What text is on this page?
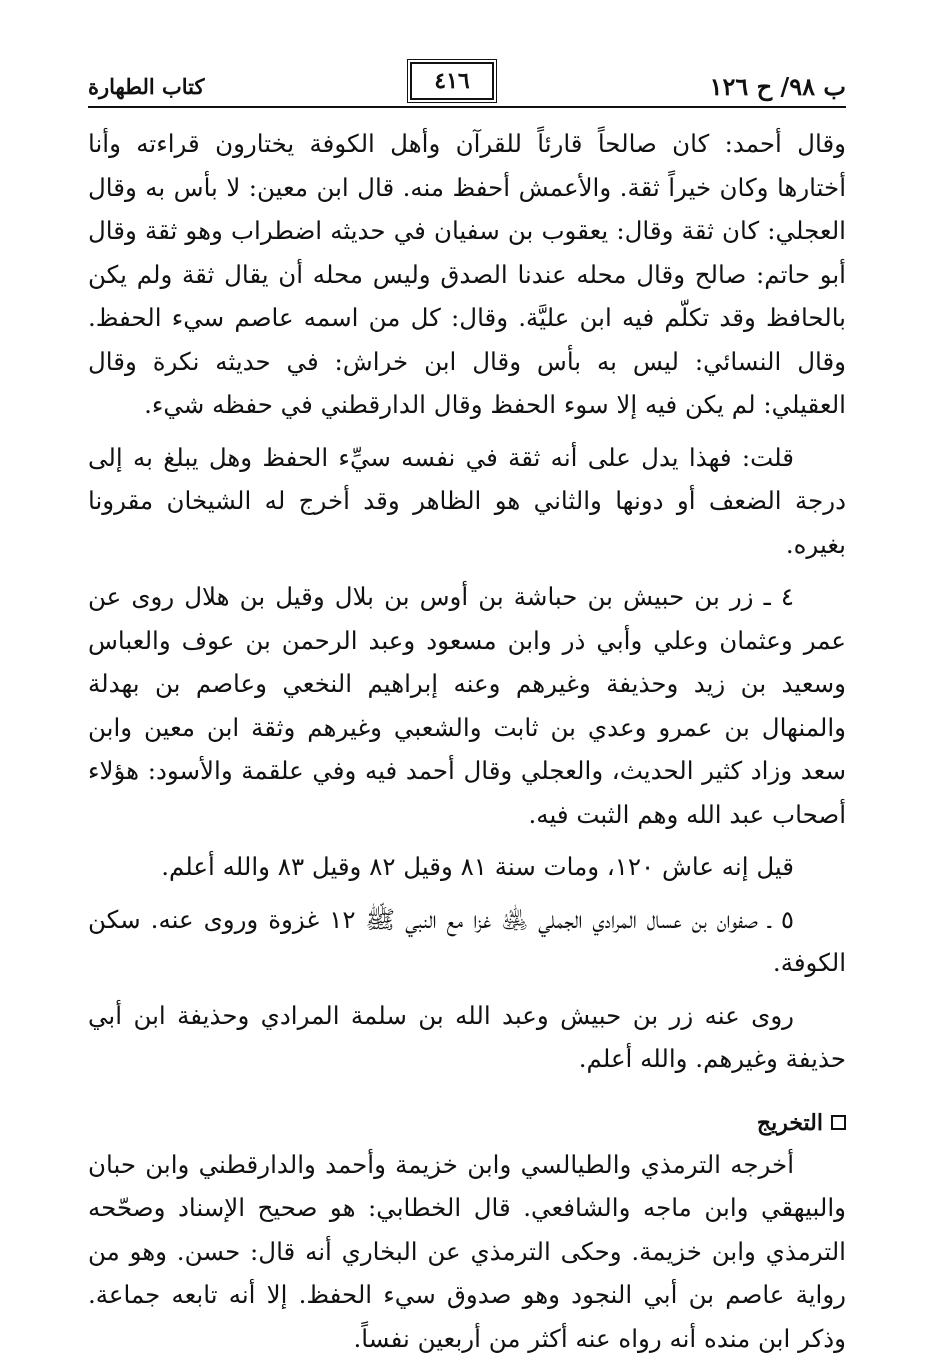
ب ٩٨/ ح ١٢٦
٤١٦
كتاب الطهارة

وقال أحمد: كان صالحاً قارئاً للقرآن وأهل الكوفة يختارون قراءته وأنا أختارها وكان خيراً ثقة. والأعمش أحفظ منه. قال ابن معين: لا بأس به وقال العجلي: كان ثقة وقال: يعقوب بن سفيان في حديثه اضطراب وهو ثقة وقال أبو حاتم: صالح وقال محله عندنا الصدق وليس محله أن يقال ثقة ولم يكن بالحافظ وقد تكلّم فيه ابن عليَّة. وقال: كل من اسمه عاصم سيء الحفظ. وقال النسائي: ليس به بأس وقال ابن خراش: في حديثه نكرة وقال العقيلي: لم يكن فيه إلا سوء الحفظ وقال الدارقطني في حفظه شيء.

قلت: فهذا يدل على أنه ثقة في نفسه سيِّء الحفظ وهل يبلغ به إلى درجة الضعف أو دونها والثاني هو الظاهر وقد أخرج له الشيخان مقرونا بغيره.

٤ ـ زر بن حبيش بن حباشة بن أوس بن بلال وقيل بن هلال روى عن عمر وعثمان وعلي وأبي ذر وابن مسعود وعبد الرحمن بن عوف والعباس وسعيد بن زيد وحذيفة وغيرهم وعنه إبراهيم النخعي وعاصم بن بهدلة والمنهال بن عمرو وعدي بن ثابت والشعبي وغيرهم وثقة ابن معين وابن سعد وزاد كثير الحديث، والعجلي وقال أحمد فيه وفي علقمة والأسود: هؤلاء أصحاب عبد الله وهم الثبت فيه.

قيل إنه عاش ١٢٠، ومات سنة ٨١ وقيل ٨٢ وقيل ٨٣ والله أعلم.

٥ ـ صفوان بن عسال المرادي الجملي ﵁ غزا مع النبي ﷺ ١٢ غزوة وروى عنه. سكن الكوفة.

روى عنه زر بن حبيش وعبد الله بن سلمة المرادي وحذيفة ابن أبي حذيفة وغيرهم. والله أعلم.

التخريج

أخرجه الترمذي والطيالسي وابن خزيمة وأحمد والدارقطني وابن حبان والبيهقي وابن ماجه والشافعي. قال الخطابي: هو صحيح الإسناد وصحّحه الترمذي وابن خزيمة. وحكى الترمذي عن البخاري أنه قال: حسن. وهو من رواية عاصم بن أبي النجود وهو صدوق سيء الحفظ. إلا أنه تابعه جماعة. وذكر ابن منده أنه رواه عنه أكثر من أربعين نفساً.
